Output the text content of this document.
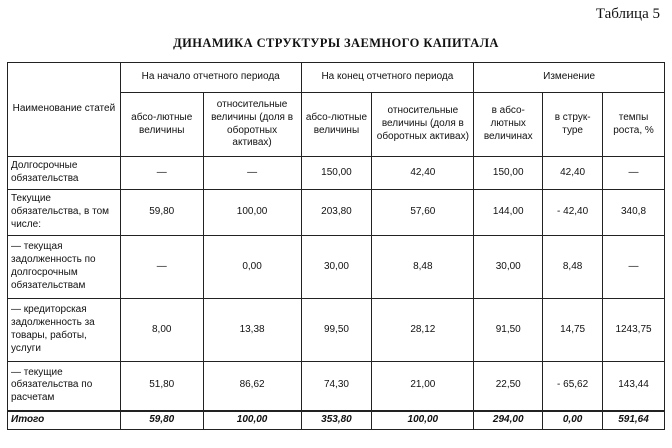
Таблица 5
ДИНАМИКА СТРУКТУРЫ ЗАЕМНОГО КАПИТАЛА
Наименование статей	На начало отчетного периода		На конец отчетного периода		Изменение		
	абсо-лютные величины	относительные величины (доля в оборотных активах)	абсо-лютные величины	относительные величины (доля в оборотных активах)	в абсо-лютных величинах	в струк-туре	темпы роста, %
Долгосрочные обязательства	—	—	150,00	42,40	150,00	42,40	—
Текущие обязательства, в том числе:	59,80	100,00	203,80	57,60	144,00	- 42,40	340,8
— текущая задолженность по долгосрочным обязательствам	—	0,00	30,00	8,48	30,00	8,48	—
— кредиторская задолженность за товары, работы, услуги	8,00	13,38	99,50	28,12	91,50	14,75	1243,75
— текущие обязательства по расчетам	51,80	86,62	74,30	21,00	22,50	- 65,62	143,44
Итого	59,80	100,00	353,80	100,00	294,00	0,00	591,64
